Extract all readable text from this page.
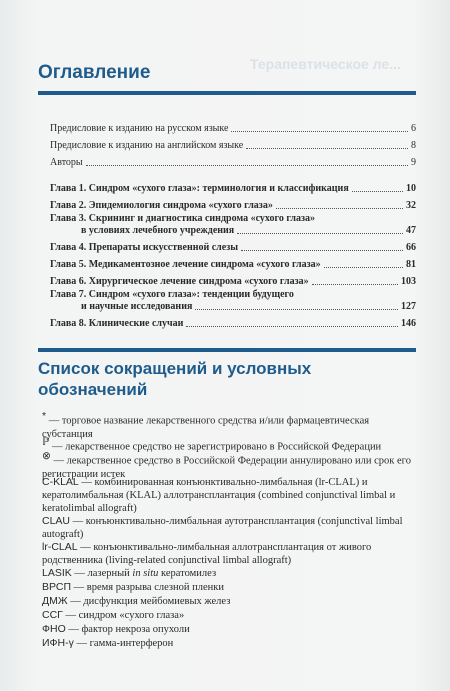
Оглавление	Терапевтическое ле...
Предисловие к изданию на русском языке	6
Предисловие к изданию на английском языке	8
Авторы	9
Глава 1. Синдром «сухого глаза»: терминология и классификация	10
Глава 2. Эпидемиология синдрома «сухого глаза»	32
Глава 3. Скрининг и диагностика синдрома «сухого глаза»
в условиях лечебного учреждения	47
Глава 4. Препараты искусственной слезы	66
Глава 5. Медикаментозное лечение синдрома «сухого глаза»	81
Глава 6. Хирургическое лечение синдрома «сухого глаза»	103
Глава 7. Синдром «сухого глаза»: тенденции будущего
и научные исследования	127
Глава 8. Клинические случаи	146
Список сокращений и условных
обозначений
* — торговое название лекарственного средства и/или фармацевтическая субстанция
ℙ — лекарственное средство не зарегистрировано в Российской Федерации
⊗ — лекарственное средство в Российской Федерации аннулировано или срок его регистрации истек
C-KLAL — комбинированная конъюнктивально-лимбальная (lr-CLAL) и кератолимбальная (KLAL) аллотрансплантация (combined conjunctival limbal и keratolimbal allograft)
CLAU — конъюнктивально-лимбальная аутотрансплантация (conjunctival limbal autograft)
lr-CLAL — конъюнктивально-лимбальная аллотрансплантация от живого родственника (living-related conjunctival limbal allograft)
LASIK — лазерный in situ кератомилез
ВРСП — время разрыва слезной пленки
ДМЖ — дисфункция мейбомиевых желез
ССГ — синдром «сухого глаза»
ФНО — фактор некроза опухоли
ИФН-γ — гамма-интерферон
